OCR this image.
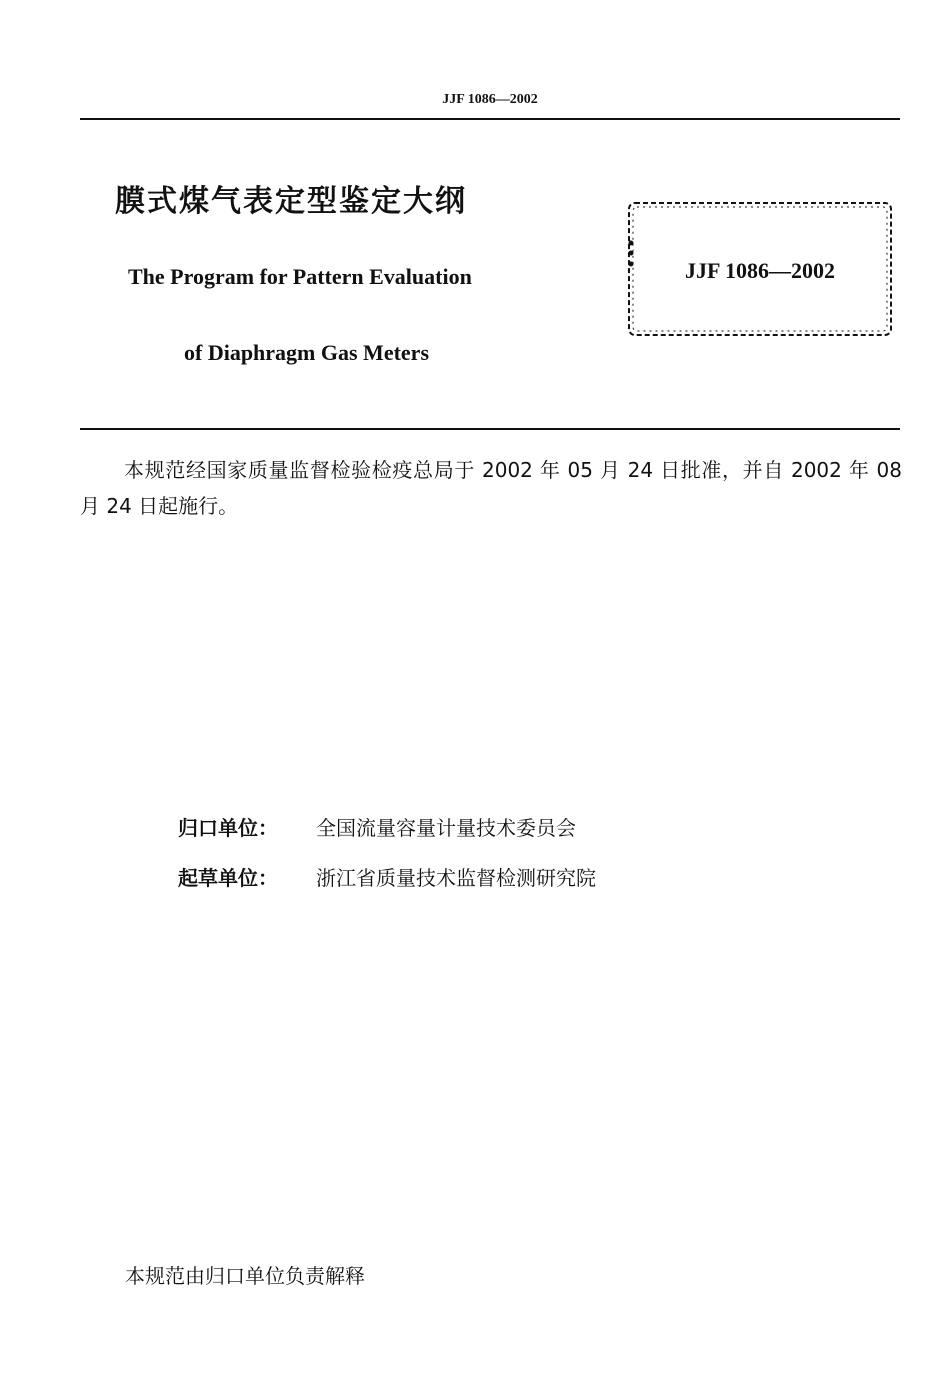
JJF 1086—2002
膜式煤气表定型鉴定大纲
The Program for Pattern Evaluation
of Diaphragm Gas Meters
JJF 1086—2002
本规范经国家质量监督检验检疫总局于 2002 年 05 月 24 日批准，并自 2002 年 08 月 24 日起施行。
归口单位： 全国流量容量计量技术委员会
起草单位： 浙江省质量技术监督检测研究院
本规范由归口单位负责解释
